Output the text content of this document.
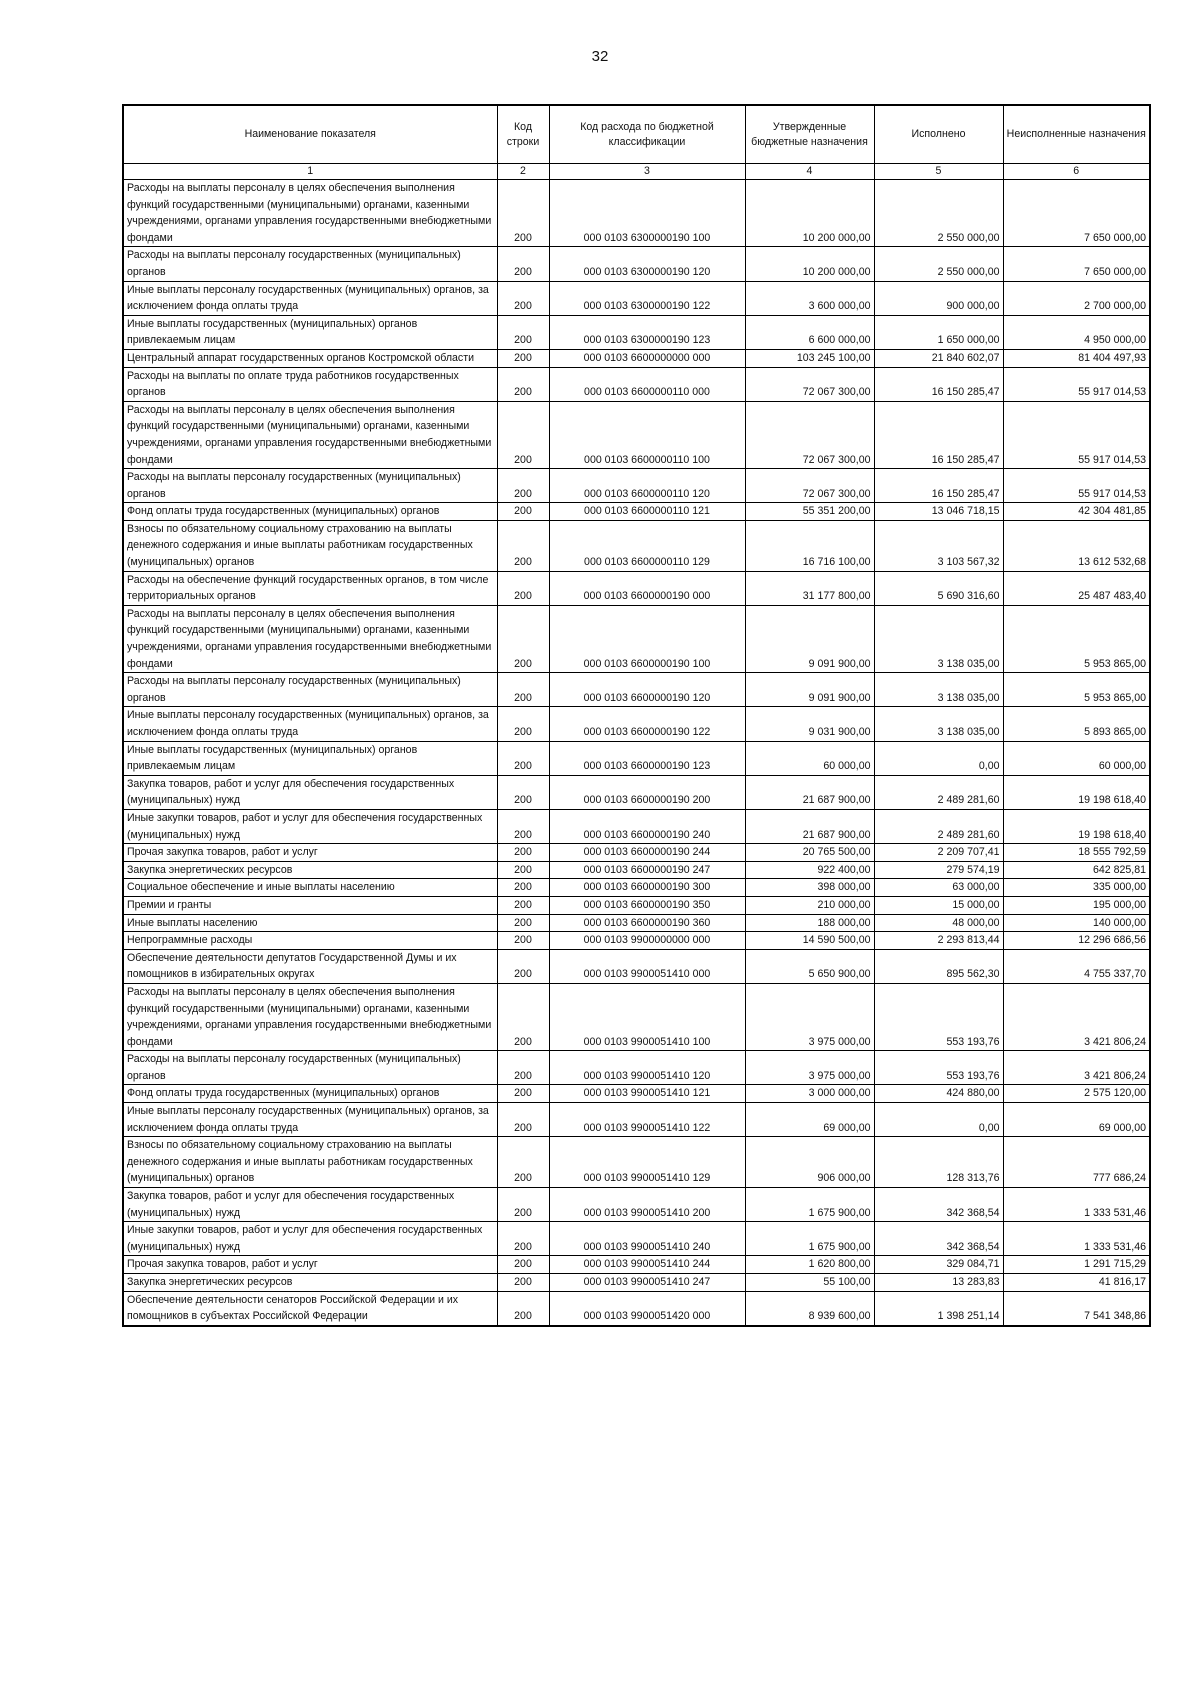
32
Наименование показателя	Код строки	Код расхода по бюджетной классификации	Утвержденные бюджетные назначения	Исполнено	Неисполненные назначения
1	2	3	4	5	6
Расходы на выплаты персоналу в целях обеспечения выполнения функций государственными (муниципальными) органами, казенными учреждениями, органами управления государственными внебюджетными фондами	200	000 0103 6300000190 100	10 200 000,00	2 550 000,00	7 650 000,00
Расходы на выплаты персоналу государственных (муниципальных) органов	200	000 0103 6300000190 120	10 200 000,00	2 550 000,00	7 650 000,00
Иные выплаты персоналу государственных (муниципальных) органов, за исключением фонда оплаты труда	200	000 0103 6300000190 122	3 600 000,00	900 000,00	2 700 000,00
Иные выплаты государственных (муниципальных) органов привлекаемым лицам	200	000 0103 6300000190 123	6 600 000,00	1 650 000,00	4 950 000,00
Центральный аппарат государственных органов Костромской области	200	000 0103 6600000000 000	103 245 100,00	21 840 602,07	81 404 497,93
Расходы на выплаты по оплате труда работников государственных органов	200	000 0103 6600000110 000	72 067 300,00	16 150 285,47	55 917 014,53
Расходы на выплаты персоналу в целях обеспечения выполнения функций государственными (муниципальными) органами, казенными учреждениями, органами управления государственными внебюджетными фондами	200	000 0103 6600000110 100	72 067 300,00	16 150 285,47	55 917 014,53
Расходы на выплаты персоналу государственных (муниципальных) органов	200	000 0103 6600000110 120	72 067 300,00	16 150 285,47	55 917 014,53
Фонд оплаты труда государственных (муниципальных) органов	200	000 0103 6600000110 121	55 351 200,00	13 046 718,15	42 304 481,85
Взносы по обязательному социальному страхованию на выплаты денежного содержания и иные выплаты работникам государственных (муниципальных) органов	200	000 0103 6600000110 129	16 716 100,00	3 103 567,32	13 612 532,68
Расходы на обеспечение функций государственных органов, в том числе территориальных органов	200	000 0103 6600000190 000	31 177 800,00	5 690 316,60	25 487 483,40
Расходы на выплаты персоналу в целях обеспечения выполнения функций государственными (муниципальными) органами, казенными учреждениями, органами управления государственными внебюджетными фондами	200	000 0103 6600000190 100	9 091 900,00	3 138 035,00	5 953 865,00
Расходы на выплаты персоналу государственных (муниципальных) органов	200	000 0103 6600000190 120	9 091 900,00	3 138 035,00	5 953 865,00
Иные выплаты персоналу государственных (муниципальных) органов, за исключением фонда оплаты труда	200	000 0103 6600000190 122	9 031 900,00	3 138 035,00	5 893 865,00
Иные выплаты государственных (муниципальных) органов привлекаемым лицам	200	000 0103 6600000190 123	60 000,00	0,00	60 000,00
Закупка товаров, работ и услуг для обеспечения государственных (муниципальных) нужд	200	000 0103 6600000190 200	21 687 900,00	2 489 281,60	19 198 618,40
Иные закупки товаров, работ и услуг для обеспечения государственных (муниципальных) нужд	200	000 0103 6600000190 240	21 687 900,00	2 489 281,60	19 198 618,40
Прочая закупка товаров, работ и услуг	200	000 0103 6600000190 244	20 765 500,00	2 209 707,41	18 555 792,59
Закупка энергетических ресурсов	200	000 0103 6600000190 247	922 400,00	279 574,19	642 825,81
Социальное обеспечение и иные выплаты населению	200	000 0103 6600000190 300	398 000,00	63 000,00	335 000,00
Премии и гранты	200	000 0103 6600000190 350	210 000,00	15 000,00	195 000,00
Иные выплаты населению	200	000 0103 6600000190 360	188 000,00	48 000,00	140 000,00
Непрограммные расходы	200	000 0103 9900000000 000	14 590 500,00	2 293 813,44	12 296 686,56
Обеспечение деятельности депутатов Государственной Думы и их помощников в избирательных округах	200	000 0103 9900051410 000	5 650 900,00	895 562,30	4 755 337,70
Расходы на выплаты персоналу в целях обеспечения выполнения функций государственными (муниципальными) органами, казенными учреждениями, органами управления государственными внебюджетными фондами	200	000 0103 9900051410 100	3 975 000,00	553 193,76	3 421 806,24
Расходы на выплаты персоналу государственных (муниципальных) органов	200	000 0103 9900051410 120	3 975 000,00	553 193,76	3 421 806,24
Фонд оплаты труда государственных (муниципальных) органов	200	000 0103 9900051410 121	3 000 000,00	424 880,00	2 575 120,00
Иные выплаты персоналу государственных (муниципальных) органов, за исключением фонда оплаты труда	200	000 0103 9900051410 122	69 000,00	0,00	69 000,00
Взносы по обязательному социальному страхованию на выплаты денежного содержания и иные выплаты работникам государственных (муниципальных) органов	200	000 0103 9900051410 129	906 000,00	128 313,76	777 686,24
Закупка товаров, работ и услуг для обеспечения государственных (муниципальных) нужд	200	000 0103 9900051410 200	1 675 900,00	342 368,54	1 333 531,46
Иные закупки товаров, работ и услуг для обеспечения государственных (муниципальных) нужд	200	000 0103 9900051410 240	1 675 900,00	342 368,54	1 333 531,46
Прочая закупка товаров, работ и услуг	200	000 0103 9900051410 244	1 620 800,00	329 084,71	1 291 715,29
Закупка энергетических ресурсов	200	000 0103 9900051410 247	55 100,00	13 283,83	41 816,17
Обеспечение деятельности сенаторов Российской Федерации и их помощников в субъектах Российской Федерации	200	000 0103 9900051420 000	8 939 600,00	1 398 251,14	7 541 348,86
